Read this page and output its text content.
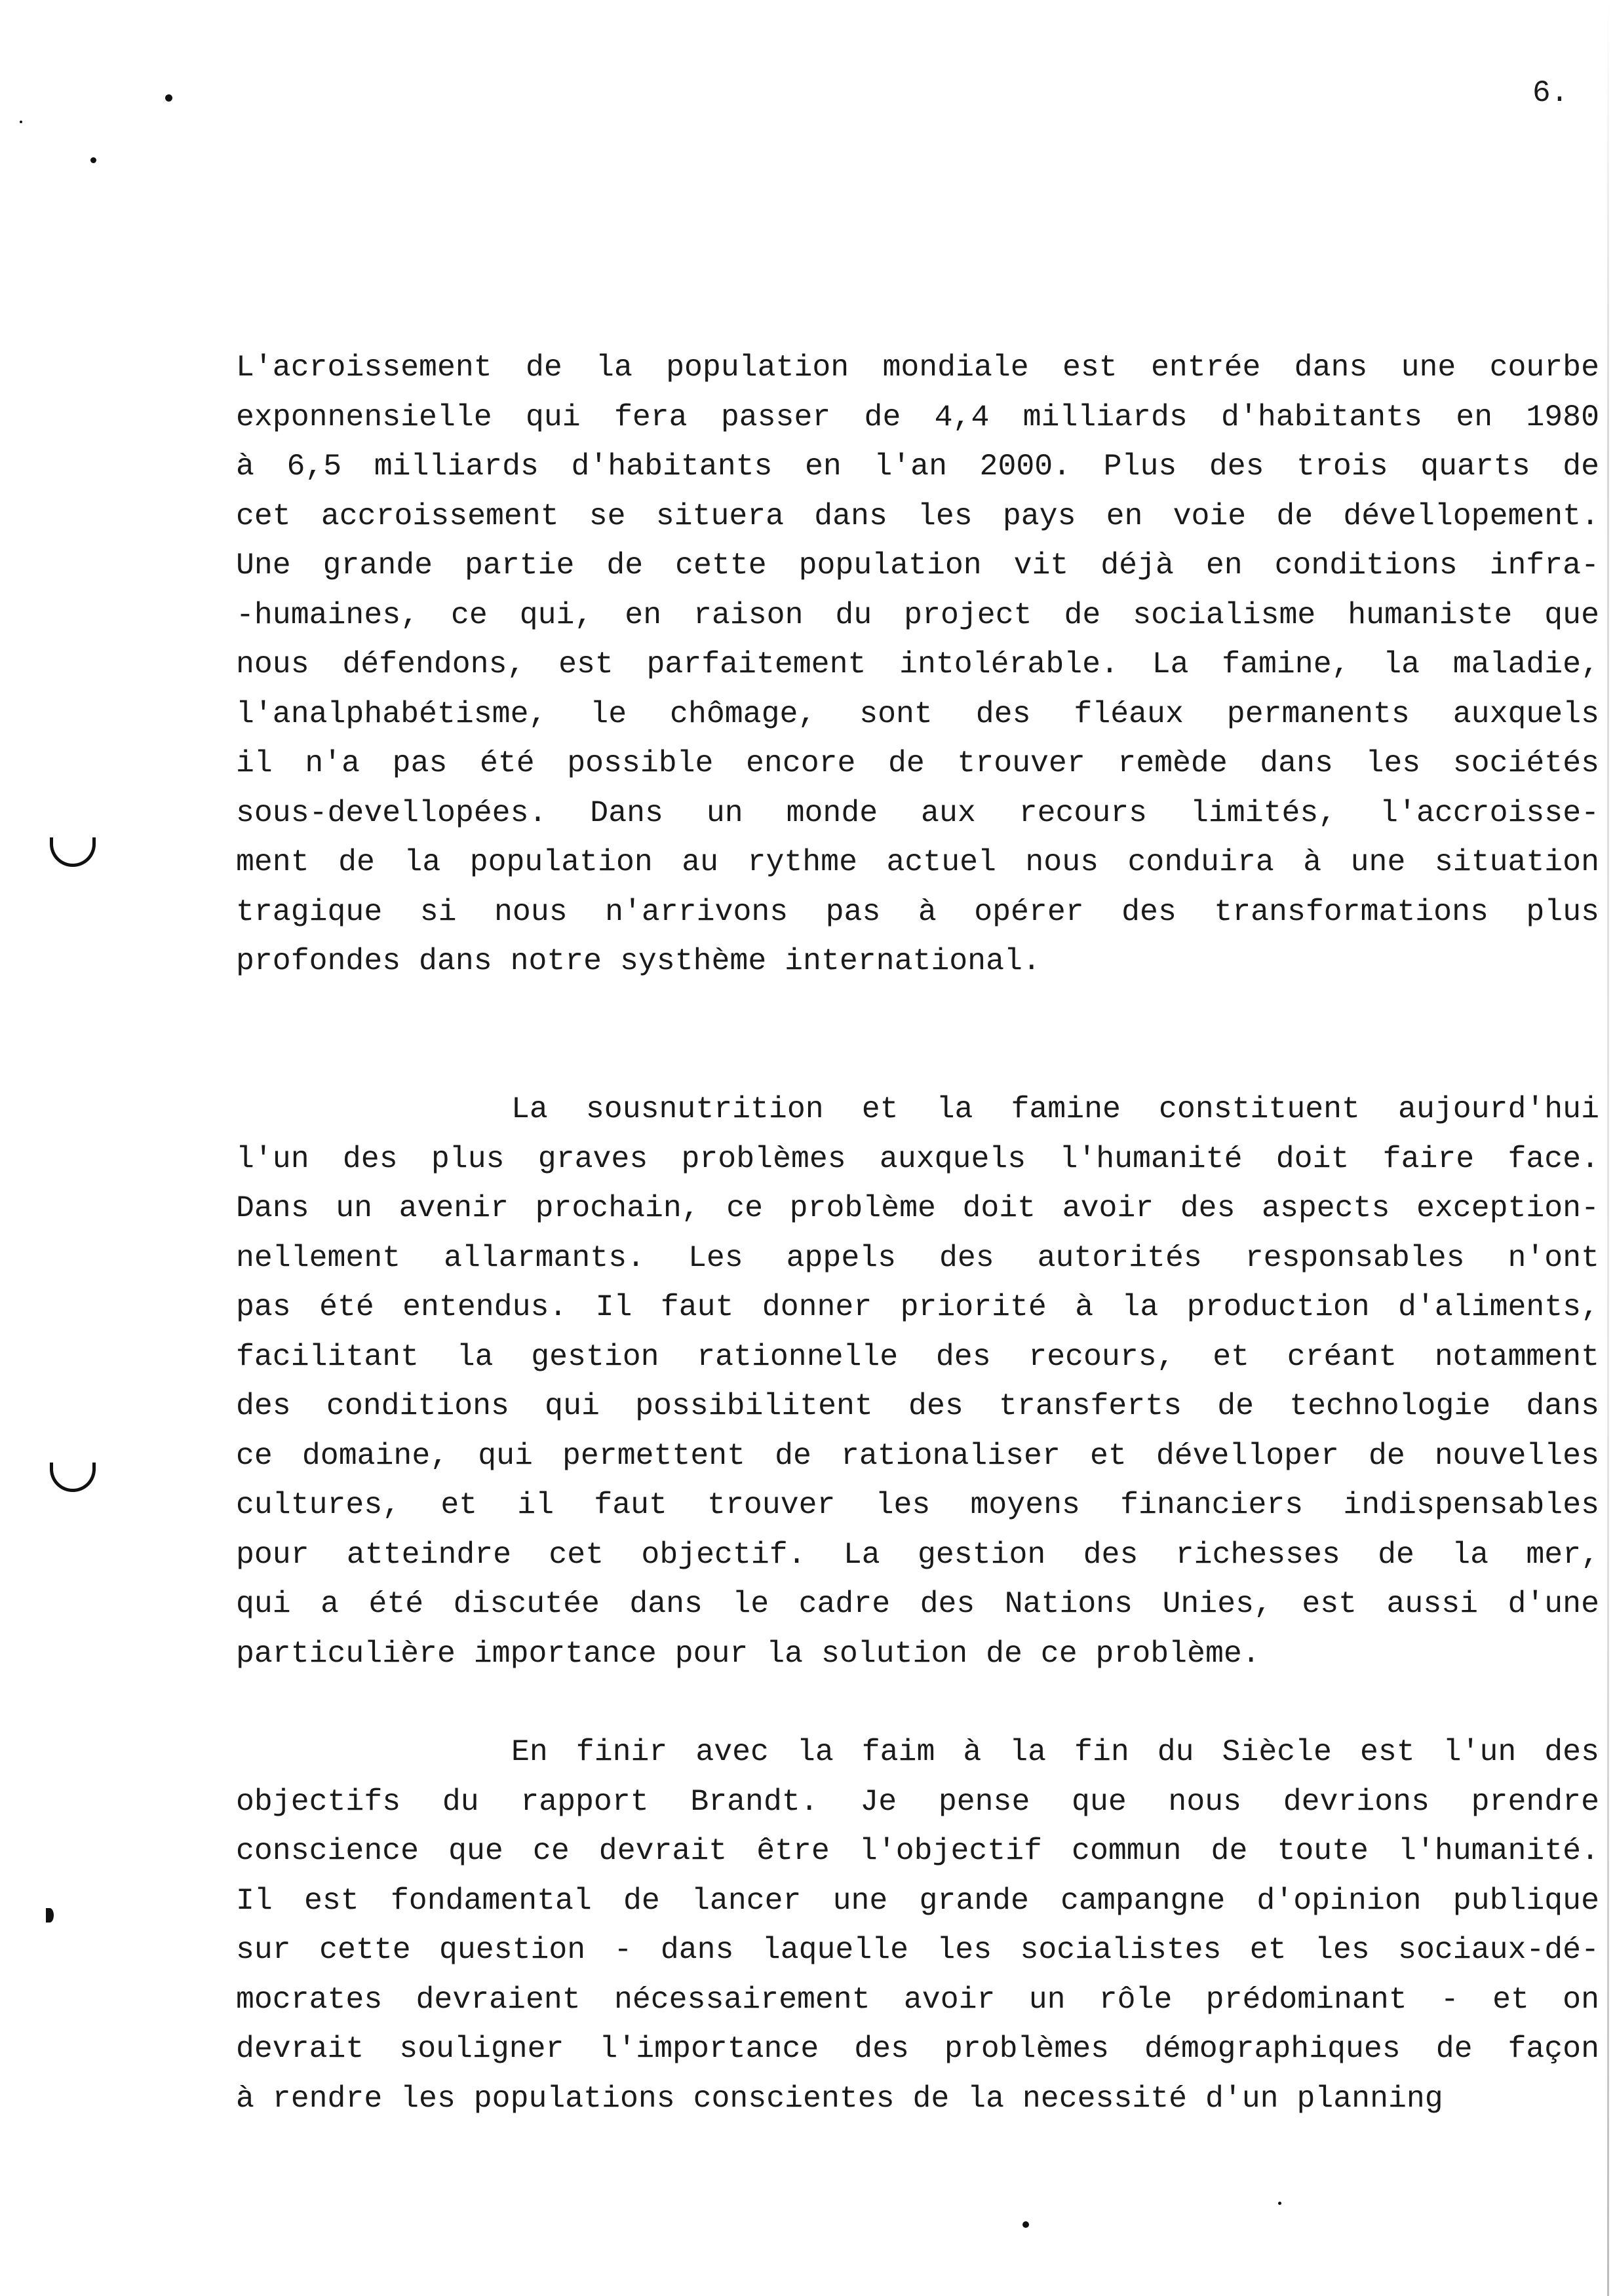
6.
L'acroissement de la population mondiale est entrée dans une courbe
exponnensielle qui fera passer de 4,4 milliards d'habitants en 1980
à 6,5 milliards d'habitants en l'an 2000. Plus des trois quarts de
cet accroissement se situera dans les pays en voie de dévellopement.
Une grande partie de cette population vit déjà en conditions infra-
-humaines, ce qui, en raison du project de socialisme humaniste que
nous défendons, est parfaitement intolérable. La famine, la maladie,
l'analphabétisme, le chômage, sont des fléaux permanents auxquels
il n'a pas été possible encore de trouver remède dans les sociétés
sous-devellopées. Dans un monde aux recours limités, l'accroisse-
ment de la population au rythme actuel nous conduira à une situation
tragique si nous n'arrivons pas à opérer des transformations plus
profondes dans notre systhème international.
La sousnutrition et la famine constituent aujourd'hui
l'un des plus graves problèmes auxquels l'humanité doit faire face.
Dans un avenir prochain, ce problème doit avoir des aspects exception-
nellement allarmants. Les appels des autorités responsables n'ont
pas été entendus. Il faut donner priorité à la production d'aliments,
facilitant la gestion rationnelle des recours, et créant notamment
des conditions qui possibilitent des transferts de technologie dans
ce domaine, qui permettent de rationaliser et dévelloper de nouvelles
cultures, et il faut trouver les moyens financiers indispensables
pour atteindre cet objectif. La gestion des richesses de la mer,
qui a été discutée dans le cadre des Nations Unies, est aussi d'une
particulière importance pour la solution de ce problème.
En finir avec la faim à la fin du Siècle est l'un des
objectifs du rapport Brandt. Je pense que nous devrions prendre
conscience que ce devrait être l'objectif commun de toute l'humanité.
Il est fondamental de lancer une grande campangne d'opinion publique
sur cette question - dans laquelle les socialistes et les sociaux-dé-
mocrates devraient nécessairement avoir un rôle prédominant - et on
devrait souligner l'importance des problèmes démographiques de façon
à rendre les populations conscientes de la necessité d'un planning
